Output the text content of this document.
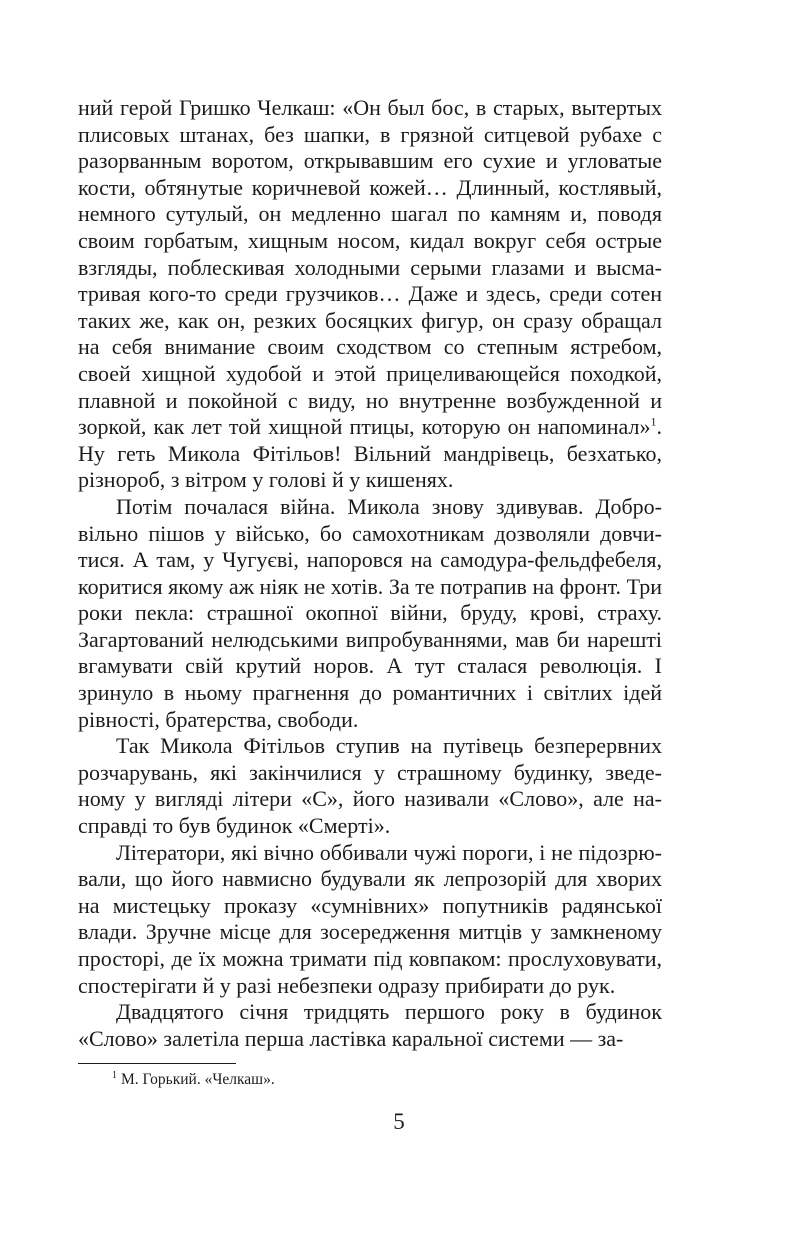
ний герой Гришко Челкаш: «Он был бос, в старых, вытертых плисовых штанах, без шапки, в грязной ситцевой рубахе с разорванным воротом, открывавшим его сухие и угловатые кости, обтянутые коричневой кожей… Длинный, костлявый, немного сутулый, он медленно шагал по камням и, поводя своим горбатым, хищным носом, кидал вокруг себя острые взгляды, поблескивая холодными серыми глазами и высматривая кого-то среди грузчиков… Даже и здесь, среди сотен таких же, как он, резких босяцких фигур, он сразу обращал на себя внимание своим сходством со степным ястребом, своей хищной худобой и этой прицеливающейся походкой, плавной и покойной с виду, но внутренне возбужденной и зоркой, как лет той хищной птицы, которую он напоминал»$^1$. Ну геть Микола Фітільов! Вільний мандрівець, безхатько, різнороб, з вітром у голові й у кишенях.

Потім почалася війна. Микола знову здивував. Добровільно пішов у військо, бо самохотникам дозволяли довчитися. А там, у Чугуєві, напоровся на самодура-фельдфебеля, коритися якому аж ніяк не хотів. За те потрапив на фронт. Три роки пекла: страшної окопної війни, бруду, крові, страху. Загартований нелюдськими випробуваннями, мав би нарешті вгамувати свій крутий норов. А тут сталася революція. І зринуло в ньому прагнення до романтичних і світлих ідей рівності, братерства, свободи.

Так Микола Фітільов ступив на путівець безперервних розчарувань, які закінчилися у страшному будинку, зведеному у вигляді літери «С», його називали «Слово», але насправді то був будинок «Смерті».

Літератори, які вічно оббивали чужі пороги, і не підозрювали, що його навмисно будували як лепрозорій для хворих на мистецьку проказу «сумнівних» попутників радянської влади. Зручне місце для зосередження митців у замкненому просторі, де їх можна тримати під ковпаком: прослуховувати, спостерігати й у разі небезпеки одразу прибирати до рук.

Двадцятого січня тридцять першого року в будинок «Слово» залетіла перша ластівка каральної системи — за-

$^1$ М. Горький. «Челкаш».
5
